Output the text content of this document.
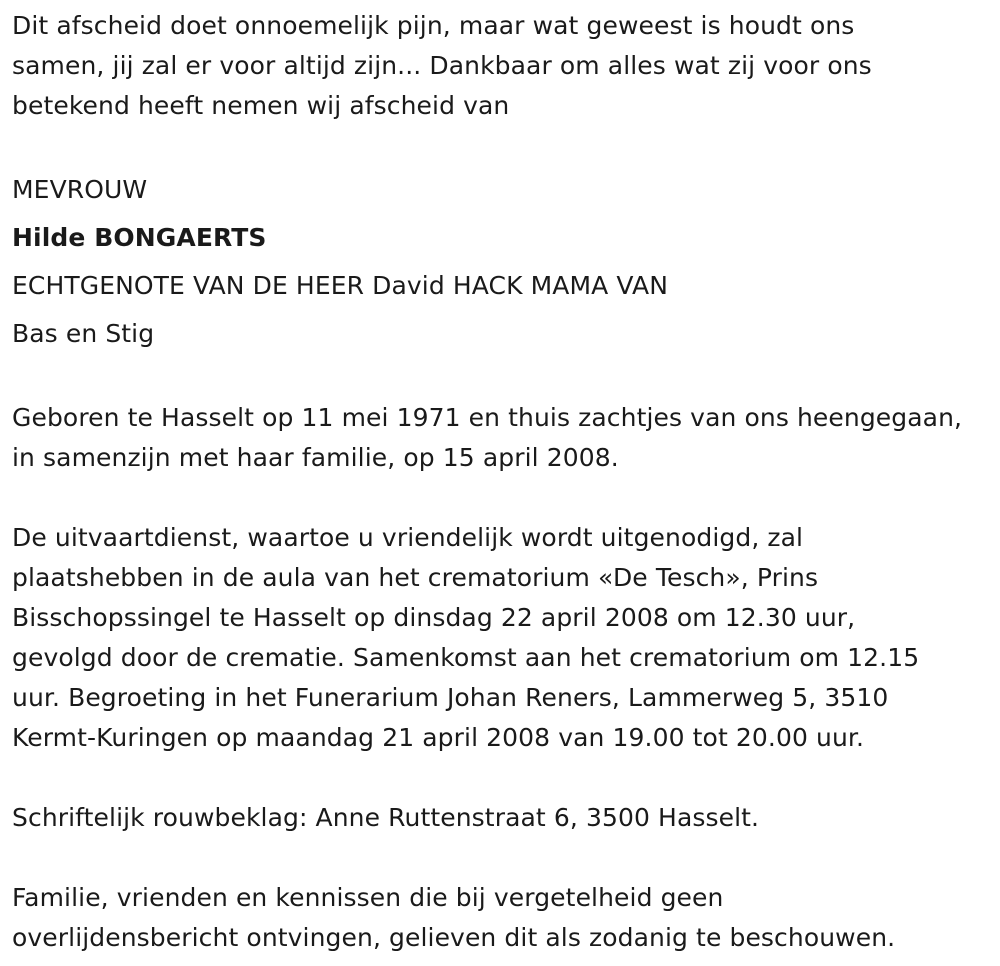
Dit afscheid doet onnoemelijk pijn, maar wat geweest is houdt ons

samen, jij zal er voor altijd zijn... Dankbaar om alles wat zij voor ons

betekend heeft nemen wij afscheid van

MEVROUW

Hilde BONGAERTS

ECHTGENOTE VAN DE HEER David HACK MAMA VAN

Bas en Stig

Geboren te Hasselt op 11 mei 1971 en thuis zachtjes van ons heengegaan,

in samenzijn met haar familie, op 15 april 2008.

De uitvaartdienst, waartoe u vriendelijk wordt uitgenodigd, zal

plaatshebben in de aula van het crematorium «De Tesch», Prins

Bisschopssingel te Hasselt op dinsdag 22 april 2008 om 12.30 uur,

gevolgd door de crematie. Samenkomst aan het crematorium om 12.15

uur. Begroeting in het Funerarium Johan Reners, Lammerweg 5, 3510

Kermt-Kuringen op maandag 21 april 2008 van 19.00 tot 20.00 uur.

Schriftelijk rouwbeklag: Anne Ruttenstraat 6, 3500 Hasselt.

Familie, vrienden en kennissen die bij vergetelheid geen

overlijdensbericht ontvingen, gelieven dit als zodanig te beschouwen.
